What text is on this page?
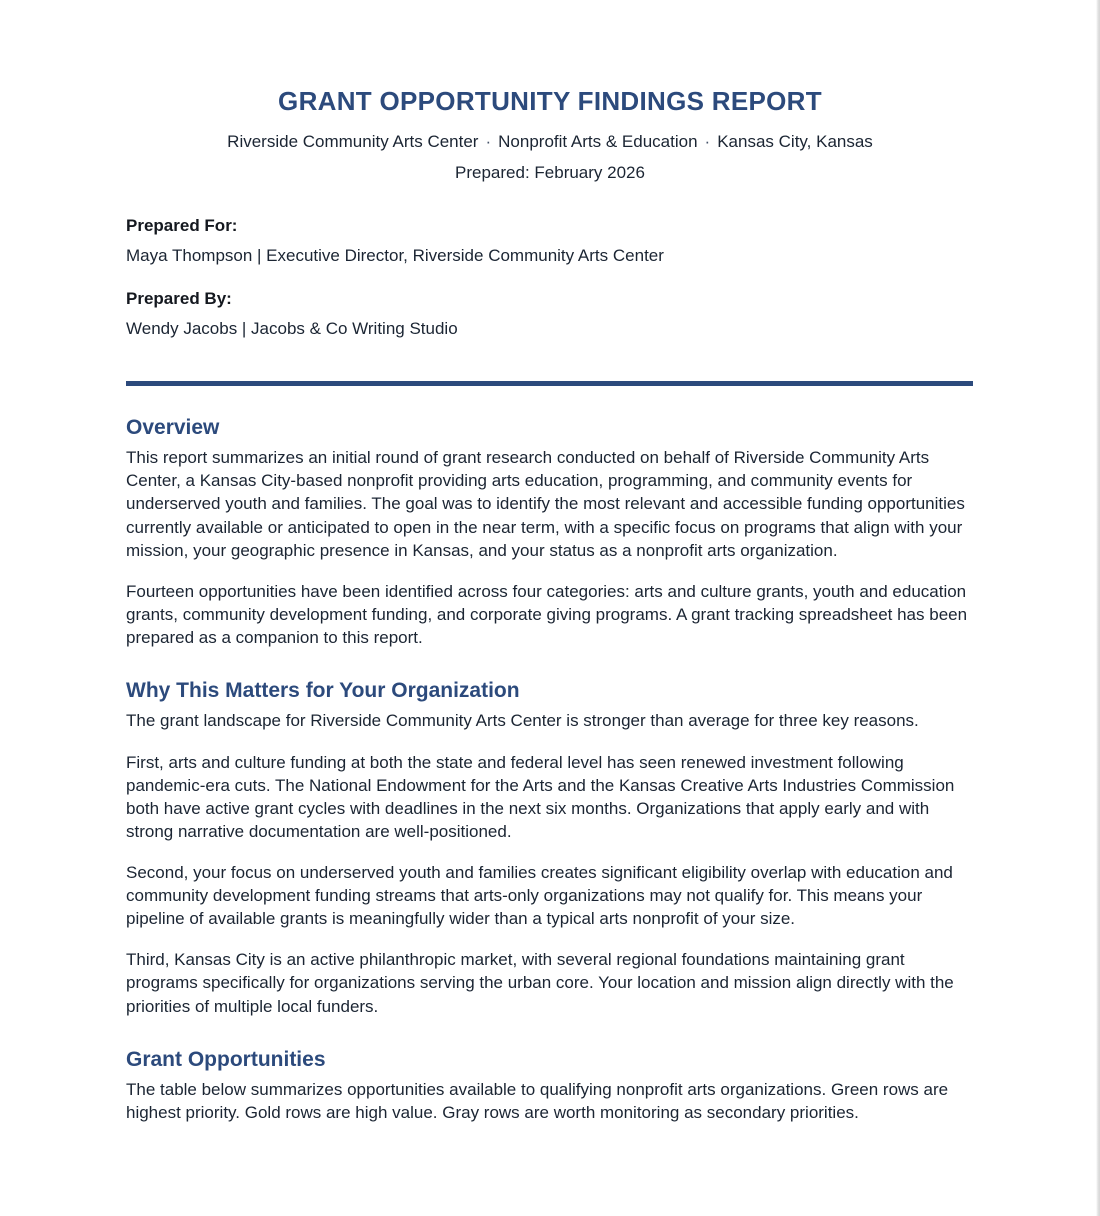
GRANT OPPORTUNITY FINDINGS REPORT

Riverside Community Arts Center · Nonprofit Arts & Education · Kansas City, Kansas

Prepared: February 2026

Prepared For:

Maya Thompson | Executive Director, Riverside Community Arts Center

Prepared By:

Wendy Jacobs | Jacobs & Co Writing Studio

Overview

This report summarizes an initial round of grant research conducted on behalf of Riverside Community Arts Center, a Kansas City-based nonprofit providing arts education, programming, and community events for underserved youth and families. The goal was to identify the most relevant and accessible funding opportunities currently available or anticipated to open in the near term, with a specific focus on programs that align with your mission, your geographic presence in Kansas, and your status as a nonprofit arts organization.

Fourteen opportunities have been identified across four categories: arts and culture grants, youth and education grants, community development funding, and corporate giving programs. A grant tracking spreadsheet has been prepared as a companion to this report.

Why This Matters for Your Organization

The grant landscape for Riverside Community Arts Center is stronger than average for three key reasons.

First, arts and culture funding at both the state and federal level has seen renewed investment following pandemic-era cuts. The National Endowment for the Arts and the Kansas Creative Arts Industries Commission both have active grant cycles with deadlines in the next six months. Organizations that apply early and with strong narrative documentation are well-positioned.

Second, your focus on underserved youth and families creates significant eligibility overlap with education and community development funding streams that arts-only organizations may not qualify for. This means your pipeline of available grants is meaningfully wider than a typical arts nonprofit of your size.

Third, Kansas City is an active philanthropic market, with several regional foundations maintaining grant programs specifically for organizations serving the urban core. Your location and mission align directly with the priorities of multiple local funders.

Grant Opportunities

The table below summarizes opportunities available to qualifying nonprofit arts organizations. Green rows are highest priority. Gold rows are high value. Gray rows are worth monitoring as secondary priorities.
